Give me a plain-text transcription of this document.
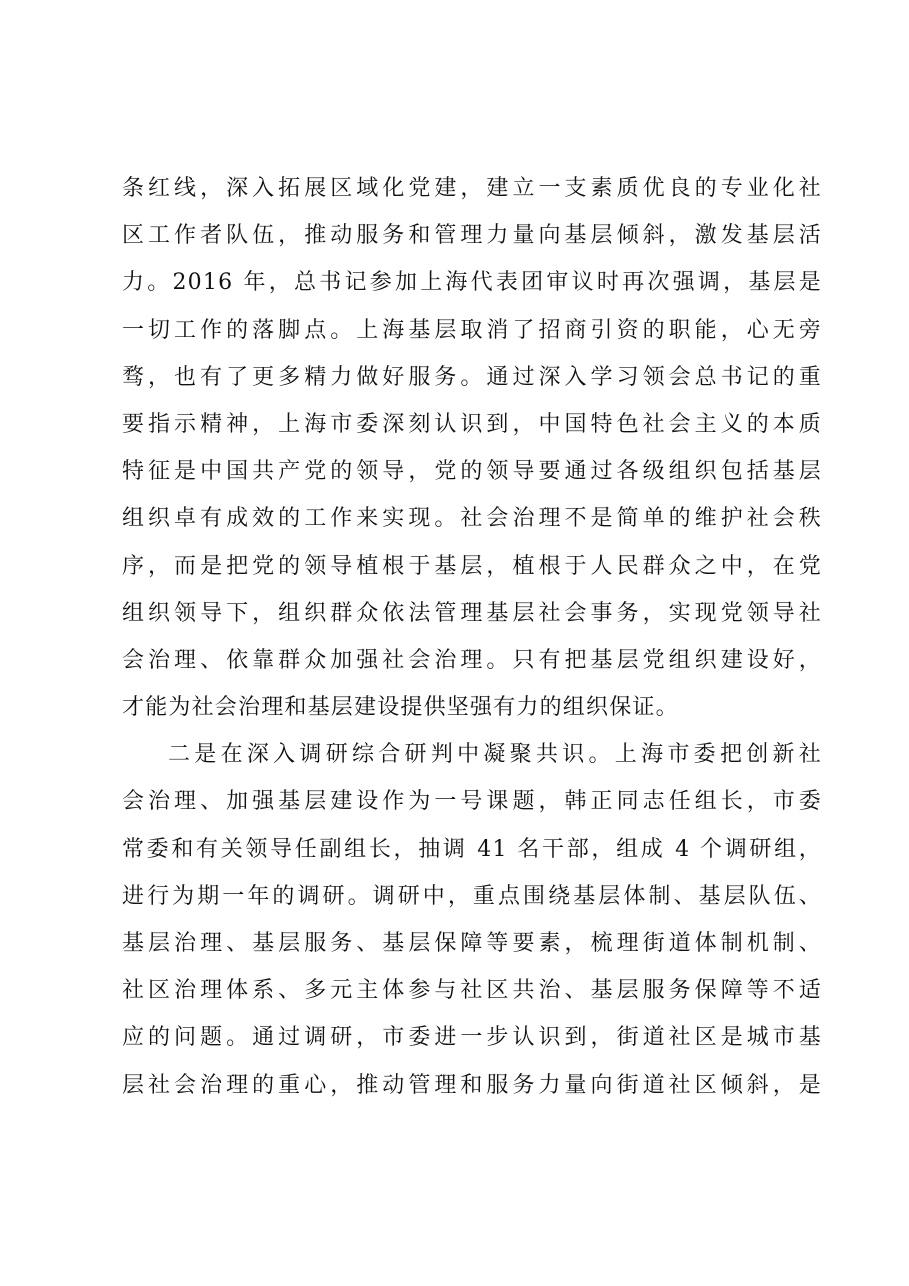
条红线，深入拓展区域化党建，建立一支素质优良的专业化社
区工作者队伍，推动服务和管理力量向基层倾斜，激发基层活
力。2016 年，总书记参加上海代表团审议时再次强调，基层是
一切工作的落脚点。上海基层取消了招商引资的职能，心无旁
骛，也有了更多精力做好服务。通过深入学习领会总书记的重
要指示精神，上海市委深刻认识到，中国特色社会主义的本质
特征是中国共产党的领导，党的领导要通过各级组织包括基层
组织卓有成效的工作来实现。社会治理不是简单的维护社会秩
序，而是把党的领导植根于基层，植根于人民群众之中，在党
组织领导下，组织群众依法管理基层社会事务，实现党领导社
会治理、依靠群众加强社会治理。只有把基层党组织建设好，
才能为社会治理和基层建设提供坚强有力的组织保证。
二是在深入调研综合研判中凝聚共识。上海市委把创新社
会治理、加强基层建设作为一号课题，韩正同志任组长，市委
常委和有关领导任副组长，抽调 41 名干部，组成 4 个调研组，
进行为期一年的调研。调研中，重点围绕基层体制、基层队伍、
基层治理、基层服务、基层保障等要素，梳理街道体制机制、
社区治理体系、多元主体参与社区共治、基层服务保障等不适
应的问题。通过调研，市委进一步认识到，街道社区是城市基
层社会治理的重心，推动管理和服务力量向街道社区倾斜，是
